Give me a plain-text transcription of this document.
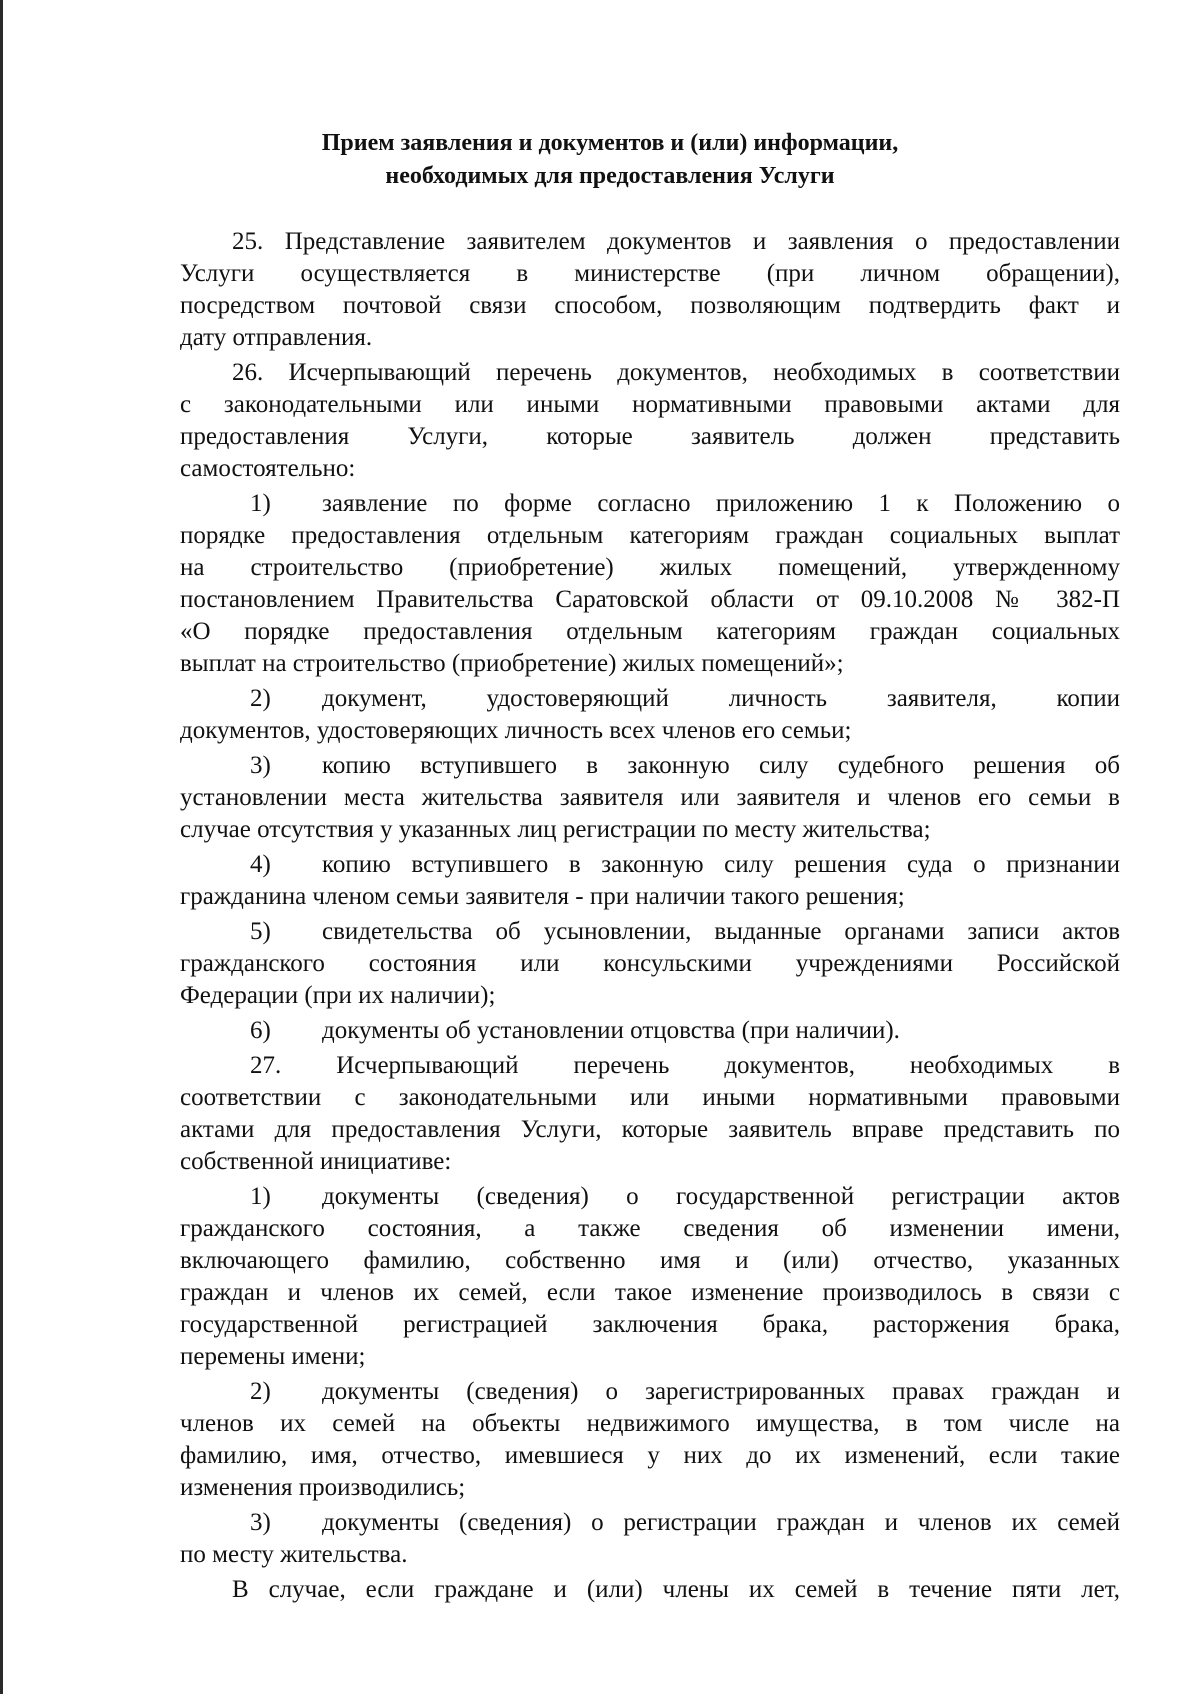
Прием заявления и документов и (или) информации,
необходимых для предоставления Услуги
25. Представление заявителем документов и заявления о предоставлении
Услуги осуществляется в министерстве (при личном обращении),
посредством почтовой связи способом, позволяющим подтвердить факт и
дату отправления.
26. Исчерпывающий перечень документов, необходимых в соответствии
с законодательными или иными нормативными правовыми актами для
предоставления Услуги, которые заявитель должен представить
самостоятельно:
1) заявление по форме согласно приложению 1 к Положению о
порядке предоставления отдельным категориям граждан социальных выплат
на строительство (приобретение) жилых помещений, утвержденному
постановлением Правительства Саратовской области от 09.10.2008 № 382-П
«О порядке предоставления отдельным категориям граждан социальных
выплат на строительство (приобретение) жилых помещений»;
2) документ, удостоверяющий личность заявителя, копии
документов, удостоверяющих личность всех членов его семьи;
3) копию вступившего в законную силу судебного решения об
установлении места жительства заявителя или заявителя и членов его семьи в
случае отсутствия у указанных лиц регистрации по месту жительства;
4) копию вступившего в законную силу решения суда о признании
гражданина членом семьи заявителя - при наличии такого решения;
5) свидетельства об усыновлении, выданные органами записи актов
гражданского состояния или консульскими учреждениями Российской
Федерации (при их наличии);
6) документы об установлении отцовства (при наличии).
27. Исчерпывающий перечень документов, необходимых в
соответствии с законодательными или иными нормативными правовыми
актами для предоставления Услуги, которые заявитель вправе представить по
собственной инициативе:
1) документы (сведения) о государственной регистрации актов
гражданского состояния, а также сведения об изменении имени,
включающего фамилию, собственно имя и (или) отчество, указанных
граждан и членов их семей, если такое изменение производилось в связи с
государственной регистрацией заключения брака, расторжения брака,
перемены имени;
2) документы (сведения) о зарегистрированных правах граждан и
членов их семей на объекты недвижимого имущества, в том числе на
фамилию, имя, отчество, имевшиеся у них до их изменений, если такие
изменения производились;
3) документы (сведения) о регистрации граждан и членов их семей
по месту жительства.
В случае, если граждане и (или) члены их семей в течение пяти лет,
